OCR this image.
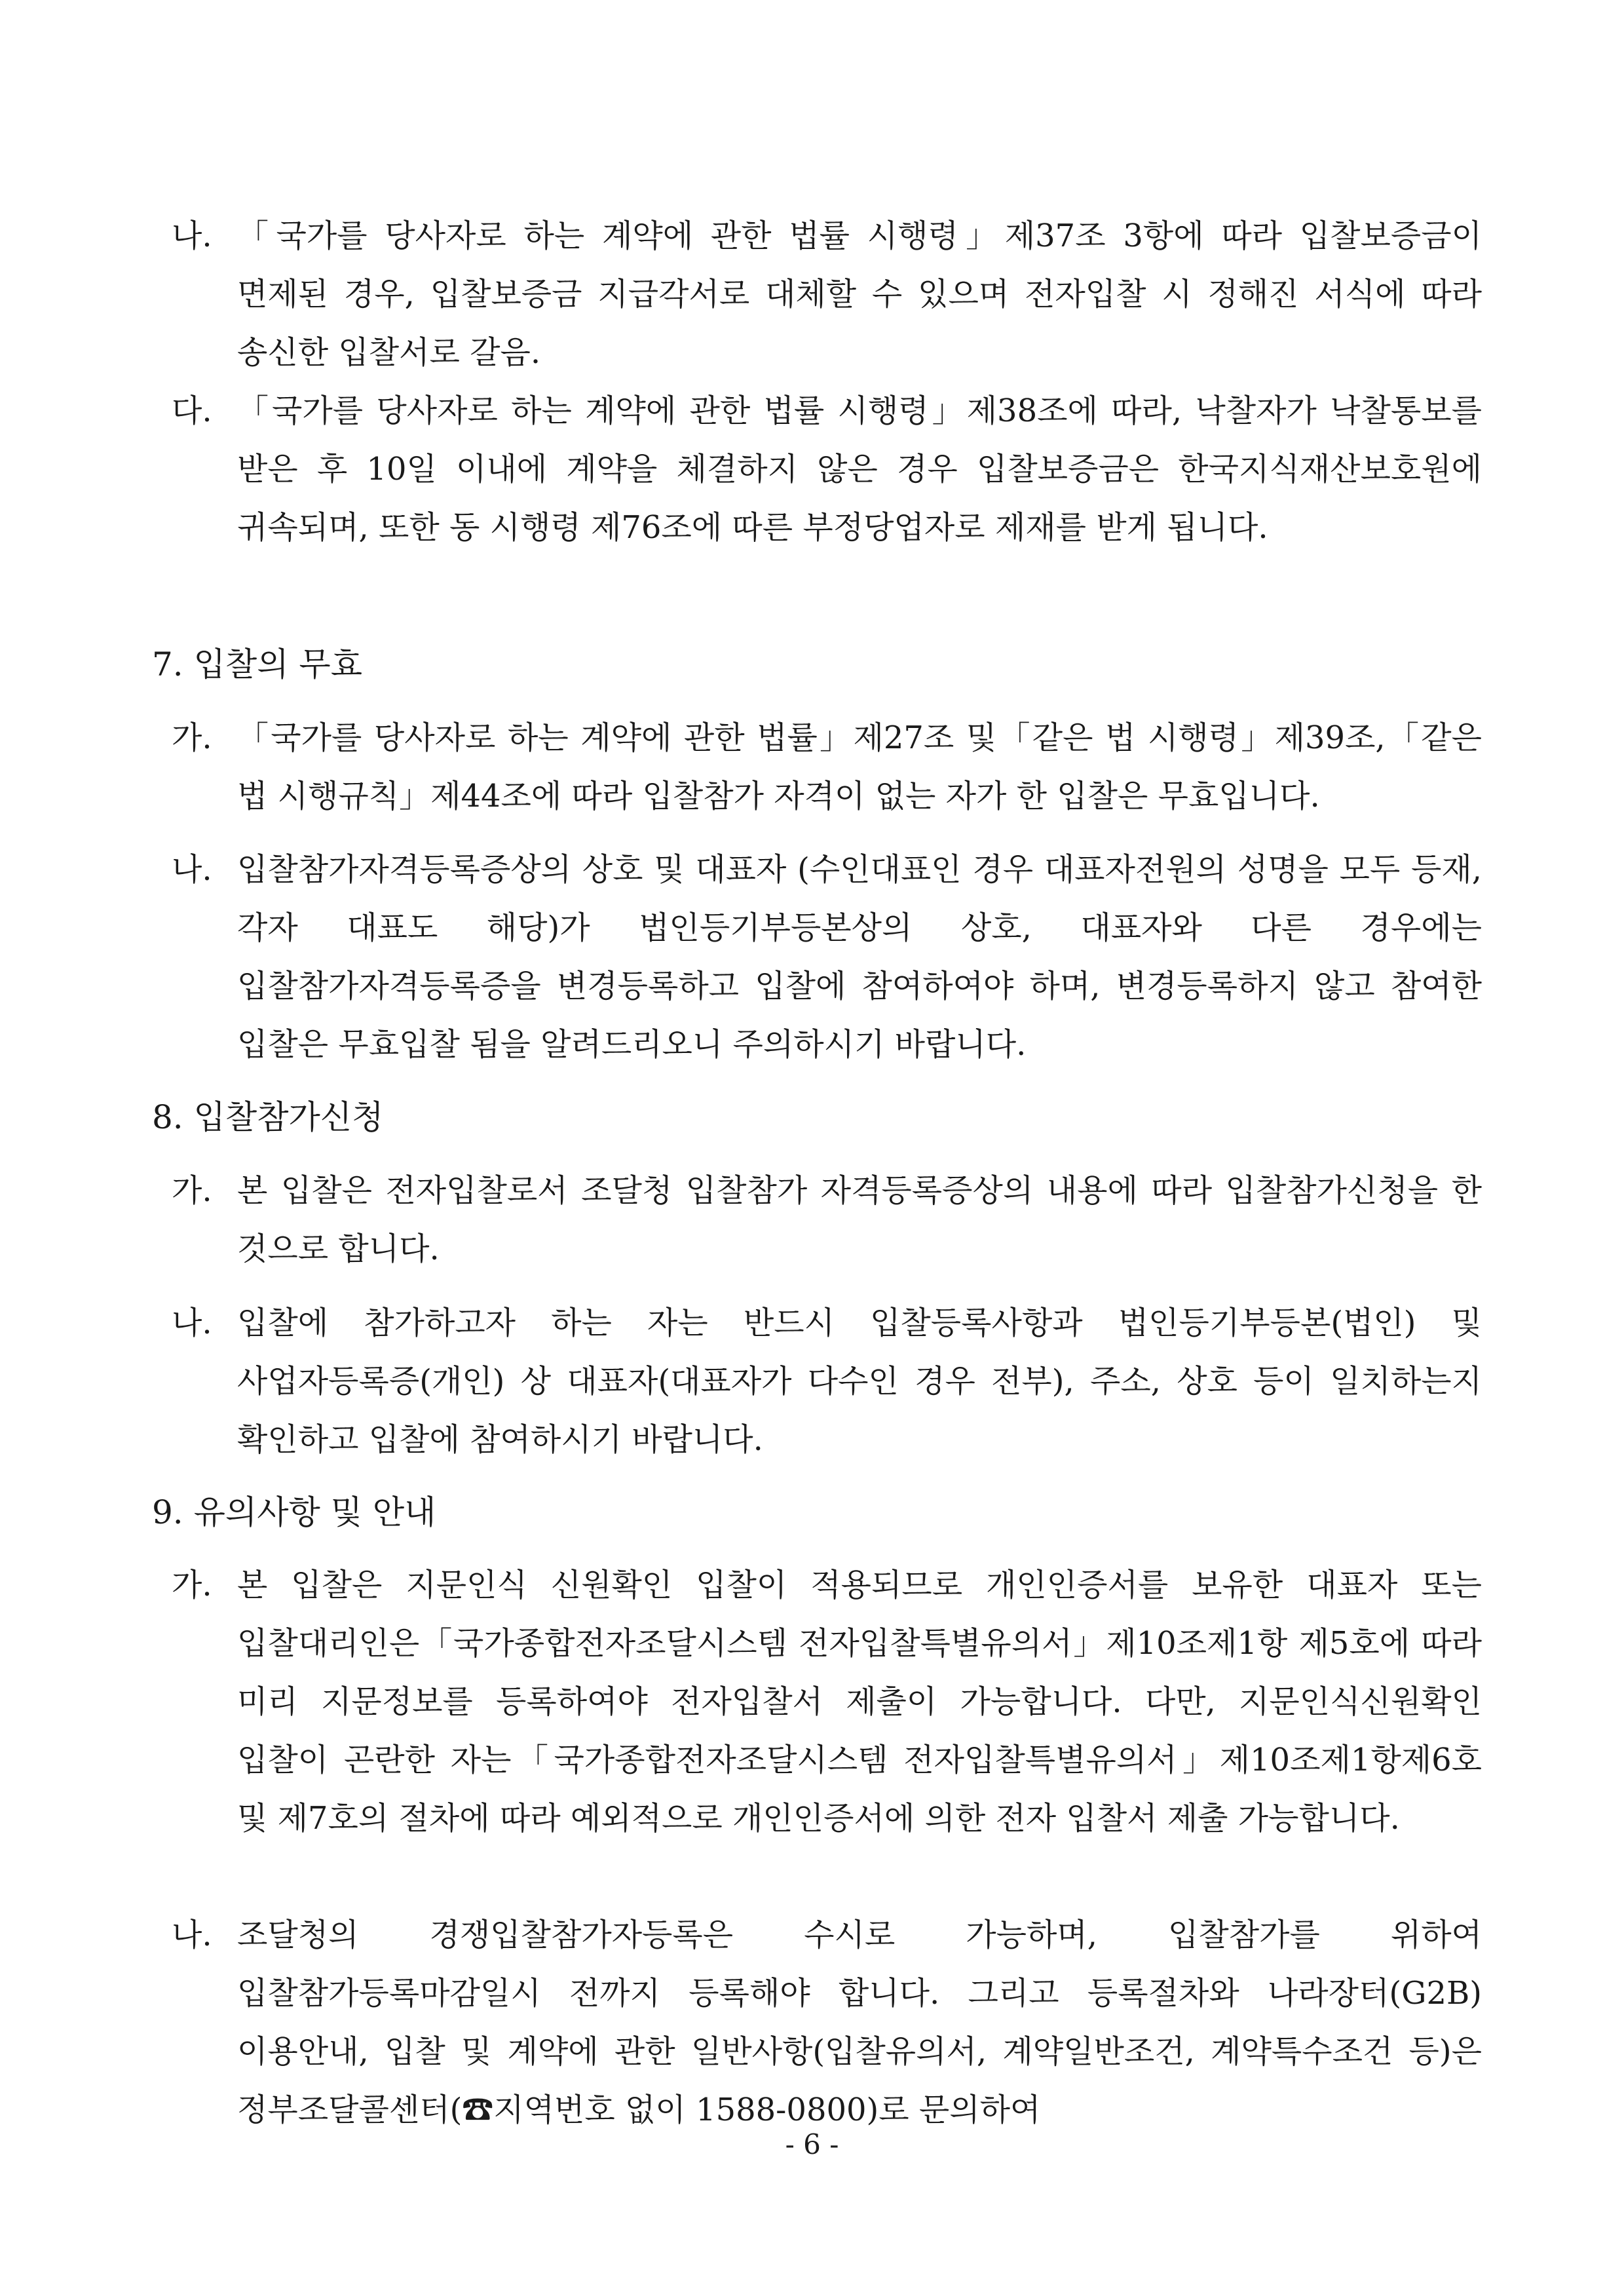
나. 「국가를 당사자로 하는 계약에 관한 법률 시행령」제37조 3항에 따라 입찰보증금이 면제된 경우, 입찰보증금 지급각서로 대체할 수 있으며 전자입찰 시 정해진 서식에 따라 송신한 입찰서로 갈음.
다. 「국가를 당사자로 하는 계약에 관한 법률 시행령」제38조에 따라, 낙찰자가 낙찰통보를 받은 후 10일 이내에 계약을 체결하지 않은 경우 입찰보증금은 한국지식재산보호원에 귀속되며, 또한 동 시행령 제76조에 따른 부정당업자로 제재를 받게 됩니다.
7. 입찰의 무효
가. 「국가를 당사자로 하는 계약에 관한 법률」제27조 및「같은 법 시행령」제39조,「같은 법 시행규칙」제44조에 따라 입찰참가 자격이 없는 자가 한 입찰은 무효입니다.
나. 입찰참가자격등록증상의 상호 및 대표자 (수인대표인 경우 대표자전원의 성명을 모두 등재, 각자 대표도 해당)가 법인등기부등본상의 상호, 대표자와 다른 경우에는 입찰참가자격등록증을 변경등록하고 입찰에 참여하여야 하며, 변경등록하지 않고 참여한 입찰은 무효입찰 됨을 알려드리오니 주의하시기 바랍니다.
8. 입찰참가신청
가. 본 입찰은 전자입찰로서 조달청 입찰참가 자격등록증상의 내용에 따라 입찰참가신청을 한 것으로 합니다.
나. 입찰에 참가하고자 하는 자는 반드시 입찰등록사항과 법인등기부등본(법인) 및 사업자등록증(개인) 상 대표자(대표자가 다수인 경우 전부), 주소, 상호 등이 일치하는지 확인하고 입찰에 참여하시기 바랍니다.
9. 유의사항 및 안내
가. 본 입찰은 지문인식 신원확인 입찰이 적용되므로 개인인증서를 보유한 대표자 또는 입찰대리인은「국가종합전자조달시스템 전자입찰특별유의서」제10조제1항 제5호에 따라 미리 지문정보를 등록하여야 전자입찰서 제출이 가능합니다. 다만, 지문인식신원확인 입찰이 곤란한 자는「국가종합전자조달시스템 전자입찰특별유의서」제10조제1항제6호 및 제7호의 절차에 따라 예외적으로 개인인증서에 의한 전자 입찰서 제출 가능합니다.
나. 조달청의 경쟁입찰참가자등록은 수시로 가능하며, 입찰참가를 위하여 입찰참가등록마감일시 전까지 등록해야 합니다. 그리고 등록절차와 나라장터(G2B) 이용안내, 입찰 및 계약에 관한 일반사항(입찰유의서, 계약일반조건, 계약특수조건 등)은 정부조달콜센터(☎지역번호 없이 1588-0800)로 문의하여
- 6 -
